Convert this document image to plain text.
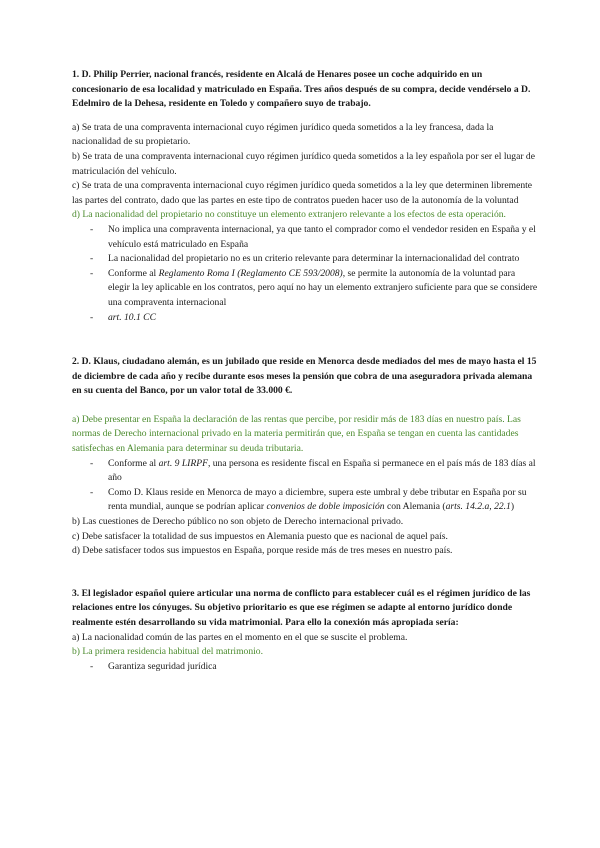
1. D. Philip Perrier, nacional francés, residente en Alcalá de Henares posee un coche adquirido en un concesionario de esa localidad y matriculado en España. Tres años después de su compra, decide vendérselo a D. Edelmiro de la Dehesa, residente en Toledo y compañero suyo de trabajo.

a) Se trata de una compraventa internacional cuyo régimen jurídico queda sometidos a la ley francesa, dada la nacionalidad de su propietario.

b) Se trata de una compraventa internacional cuyo régimen jurídico queda sometidos a la ley española por ser el lugar de matriculación del vehículo.

c) Se trata de una compraventa internacional cuyo régimen jurídico queda sometidos a la ley que determinen libremente las partes del contrato, dado que las partes en este tipo de contratos pueden hacer uso de la autonomía de la voluntad

d) La nacionalidad del propietario no constituye un elemento extranjero relevante a los efectos de esta operación.

- No implica una compraventa internacional, ya que tanto el comprador como el vendedor residen en España y el vehículo está matriculado en España
- La nacionalidad del propietario no es un criterio relevante para determinar la internacionalidad del contrato
- Conforme al Reglamento Roma I (Reglamento CE 593/2008), se permite la autonomía de la voluntad para elegir la ley aplicable en los contratos, pero aquí no hay un elemento extranjero suficiente para que se considere una compraventa internacional
- art. 10.1 CC

2. D. Klaus, ciudadano alemán, es un jubilado que reside en Menorca desde mediados del mes de mayo hasta el 15 de diciembre de cada año y recibe durante esos meses la pensión que cobra de una aseguradora privada alemana en su cuenta del Banco, por un valor total de 33.000 €.

a) Debe presentar en España la declaración de las rentas que percibe, por residir más de 183 días en nuestro país. Las normas de Derecho internacional privado en la materia permitirán que, en España se tengan en cuenta las cantidades satisfechas en Alemania para determinar su deuda tributaria.

- Conforme al art. 9 LIRPF, una persona es residente fiscal en España si permanece en el país más de 183 días al año
- Como D. Klaus reside en Menorca de mayo a diciembre, supera este umbral y debe tributar en España por su renta mundial, aunque se podrían aplicar convenios de doble imposición con Alemania (arts. 14.2.a, 22.1)

b) Las cuestiones de Derecho público no son objeto de Derecho internacional privado.

c) Debe satisfacer la totalidad de sus impuestos en Alemania puesto que es nacional de aquel país.

d) Debe satisfacer todos sus impuestos en España, porque reside más de tres meses en nuestro país.

3. El legislador español quiere articular una norma de conflicto para establecer cuál es el régimen jurídico de las relaciones entre los cónyuges. Su objetivo prioritario es que ese régimen se adapte al entorno jurídico donde realmente estén desarrollando su vida matrimonial. Para ello la conexión más apropiada sería:

a) La nacionalidad común de las partes en el momento en el que se suscite el problema.

b) La primera residencia habitual del matrimonio.

- Garantiza seguridad jurídica
